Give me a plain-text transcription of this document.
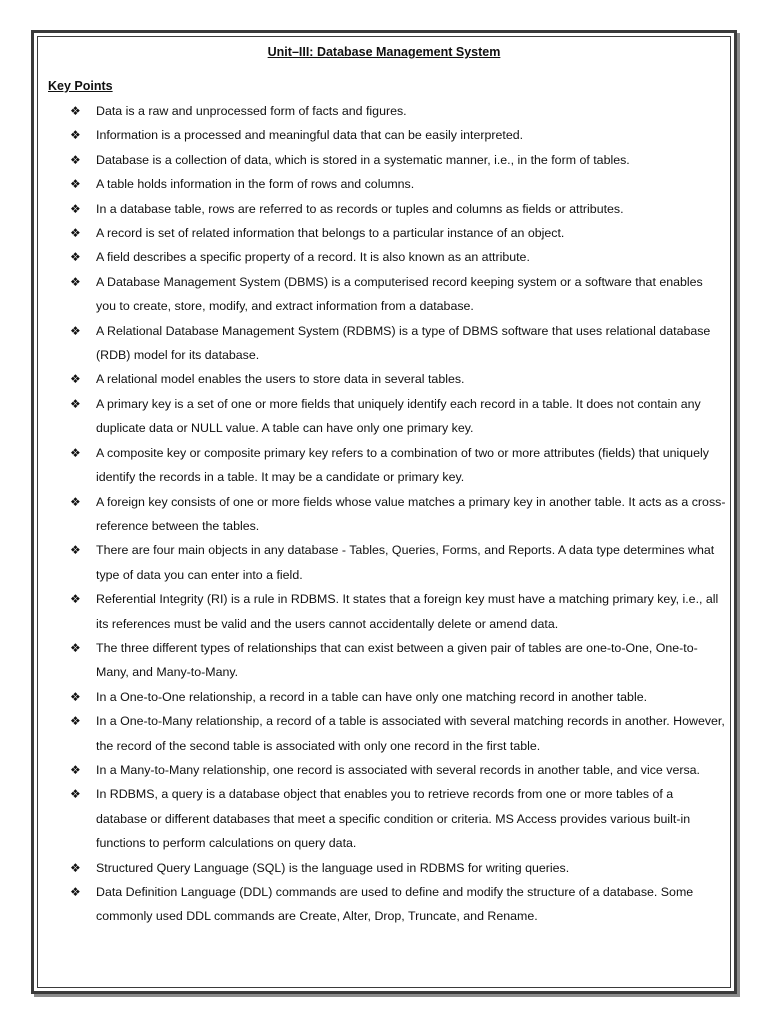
Unit–III: Database Management System
Key Points
❖ Data is a raw and unprocessed form of facts and figures.
❖ Information is a processed and meaningful data that can be easily interpreted.
❖ Database is a collection of data, which is stored in a systematic manner, i.e., in the form of tables.
❖ A table holds information in the form of rows and columns.
❖ In a database table, rows are referred to as records or tuples and columns as fields or attributes.
❖ A record is set of related information that belongs to a particular instance of an object.
❖ A field describes a specific property of a record. It is also known as an attribute.
❖ A Database Management System (DBMS) is a computerised record keeping system or a software that enables you to create, store, modify, and extract information from a database.
❖ A Relational Database Management System (RDBMS) is a type of DBMS software that uses relational database (RDB) model for its database.
❖ A relational model enables the users to store data in several tables.
❖ A primary key is a set of one or more fields that uniquely identify each record in a table. It does not contain any duplicate data or NULL value. A table can have only one primary key.
❖ A composite key or composite primary key refers to a combination of two or more attributes (fields) that uniquely identify the records in a table. It may be a candidate or primary key.
❖ A foreign key consists of one or more fields whose value matches a primary key in another table. It acts as a cross-reference between the tables.
❖ There are four main objects in any database - Tables, Queries, Forms, and Reports. A data type determines what type of data you can enter into a field.
❖ Referential Integrity (RI) is a rule in RDBMS. It states that a foreign key must have a matching primary key, i.e., all its references must be valid and the users cannot accidentally delete or amend data.
❖ The three different types of relationships that can exist between a given pair of tables are one-to-One, One-to-Many, and Many-to-Many.
❖ In a One-to-One relationship, a record in a table can have only one matching record in another table.
❖ In a One-to-Many relationship, a record of a table is associated with several matching records in another. However, the record of the second table is associated with only one record in the first table.
❖ In a Many-to-Many relationship, one record is associated with several records in another table, and vice versa.
❖ In RDBMS, a query is a database object that enables you to retrieve records from one or more tables of a database or different databases that meet a specific condition or criteria. MS Access provides various built-in functions to perform calculations on query data.
❖ Structured Query Language (SQL) is the language used in RDBMS for writing queries.
❖ Data Definition Language (DDL) commands are used to define and modify the structure of a database. Some commonly used DDL commands are Create, Alter, Drop, Truncate, and Rename.
